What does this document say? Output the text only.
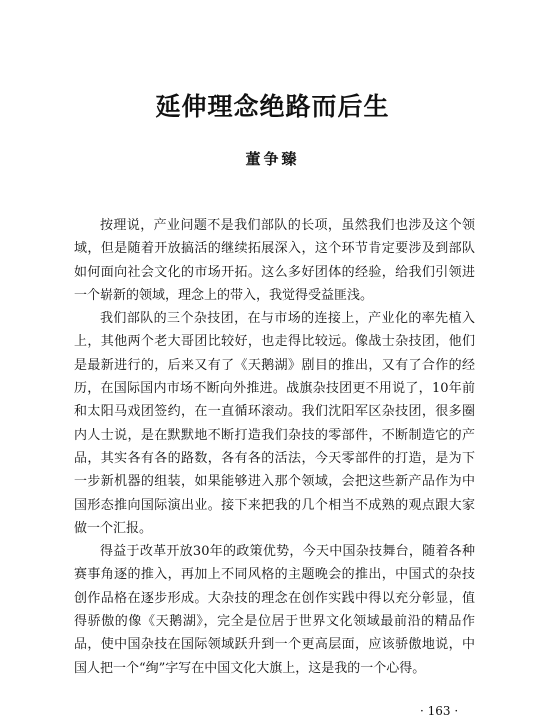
延伸理念绝路而后生
董争臻

按理说，产业问题不是我们部队的长项，虽然我们也涉及这个领域，但是随着开放搞活的继续拓展深入，这个环节肯定要涉及到部队如何面向社会文化的市场开拓。这么多好团体的经验，给我们引领进一个崭新的领域，理念上的带入，我觉得受益匪浅。

我们部队的三个杂技团，在与市场的连接上，产业化的率先植入上，其他两个老大哥团比较好，也走得比较远。像战士杂技团，他们是最新进行的，后来又有了《天鹅湖》剧目的推出，又有了合作的经历，在国际国内市场不断向外推进。战旗杂技团更不用说了，10年前和太阳马戏团签约，在一直循环滚动。我们沈阳军区杂技团，很多圈内人士说，是在默默地不断打造我们杂技的零部件，不断制造它的产品，其实各有各的路数，各有各的活法，今天零部件的打造，是为下一步新机器的组装，如果能够进入那个领域，会把这些新产品作为中国形态推向国际演出业。接下来把我的几个相当不成熟的观点跟大家做一个汇报。

得益于改革开放30年的政策优势，今天中国杂技舞台，随着各种赛事角逐的推入，再加上不同风格的主题晚会的推出，中国式的杂技创作品格在逐步形成。大杂技的理念在创作实践中得以充分彰显，值得骄傲的像《天鹅湖》，完全是位居于世界文化领域最前沿的精品作品，使中国杂技在国际领域跃升到一个更高层面，应该骄傲地说，中国人把一个“绚”字写在中国文化大旗上，这是我的一个心得。

· 163 ·
